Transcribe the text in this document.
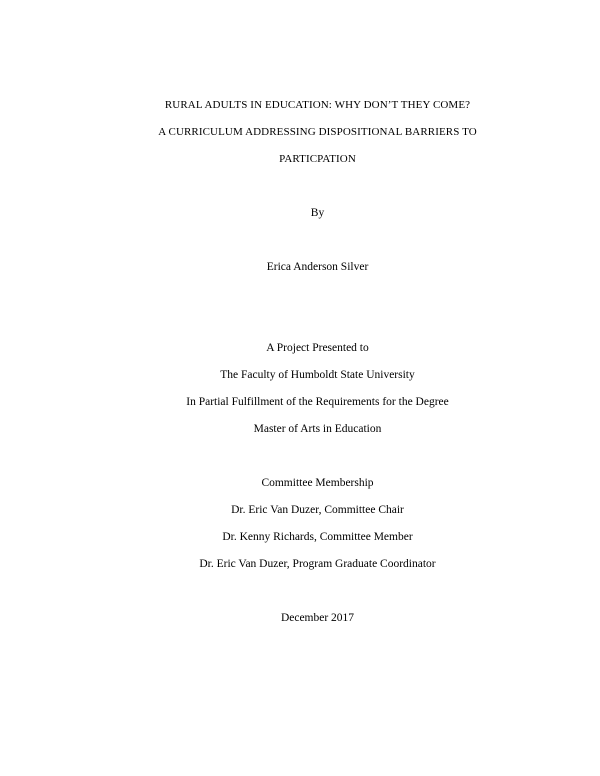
RURAL ADULTS IN EDUCATION: WHY DON’T THEY COME?
A CURRICULUM ADDRESSING DISPOSITIONAL BARRIERS TO
PARTICPATION
By
Erica Anderson Silver
A Project Presented to
The Faculty of Humboldt State University
In Partial Fulfillment of the Requirements for the Degree
Master of Arts in Education
Committee Membership
Dr. Eric Van Duzer, Committee Chair
Dr. Kenny Richards, Committee Member
Dr. Eric Van Duzer, Program Graduate Coordinator
December 2017
